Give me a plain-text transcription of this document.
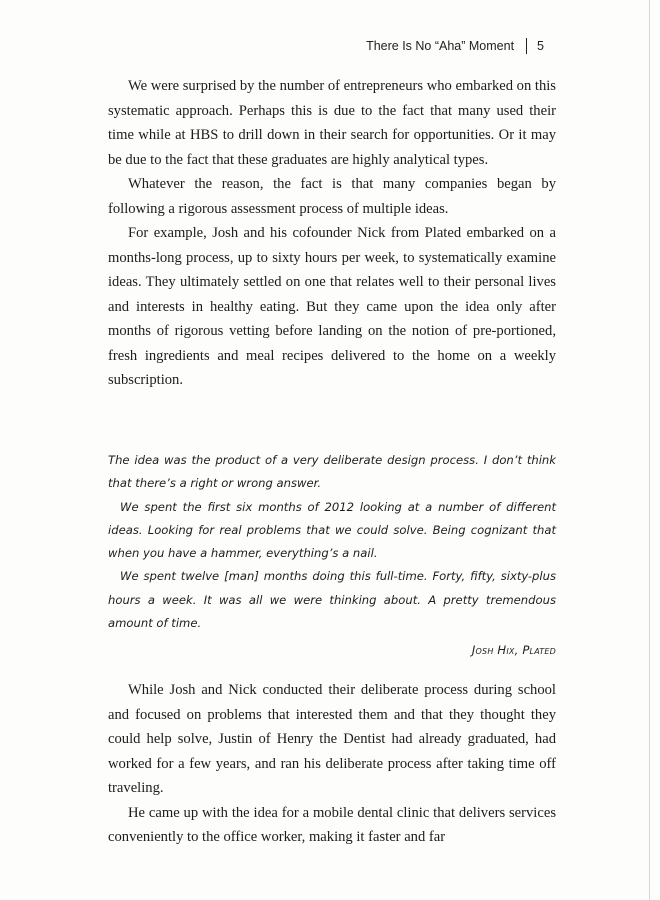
There Is No “Aha” Moment 5

We were surprised by the number of entrepreneurs who embarked on this systematic approach. Perhaps this is due to the fact that many used their time while at HBS to drill down in their search for opportunities. Or it may be due to the fact that these graduates are highly analytical types.

Whatever the reason, the fact is that many companies began by following a rigorous assessment process of multiple ideas.

For example, Josh and his cofounder Nick from Plated embarked on a months-long process, up to sixty hours per week, to systematically examine ideas. They ultimately settled on one that relates well to their personal lives and interests in healthy eating. But they came upon the idea only after months of rigorous vetting before landing on the notion of pre-portioned, fresh ingredients and meal recipes delivered to the home on a weekly subscription.

The idea was the product of a very deliberate design process. I don’t think that there’s a right or wrong answer.

We spent the first six months of 2012 looking at a number of different ideas. Looking for real problems that we could solve. Being cognizant that when you have a hammer, everything’s a nail.

We spent twelve [man] months doing this full-time. Forty, fifty, sixty-plus hours a week. It was all we were thinking about. A pretty tremendous amount of time.

Josh Hix, Plated

While Josh and Nick conducted their deliberate process during school and focused on problems that interested them and that they thought they could help solve, Justin of Henry the Dentist had already graduated, had worked for a few years, and ran his deliberate process after taking time off traveling.

He came up with the idea for a mobile dental clinic that delivers services conveniently to the office worker, making it faster and far
